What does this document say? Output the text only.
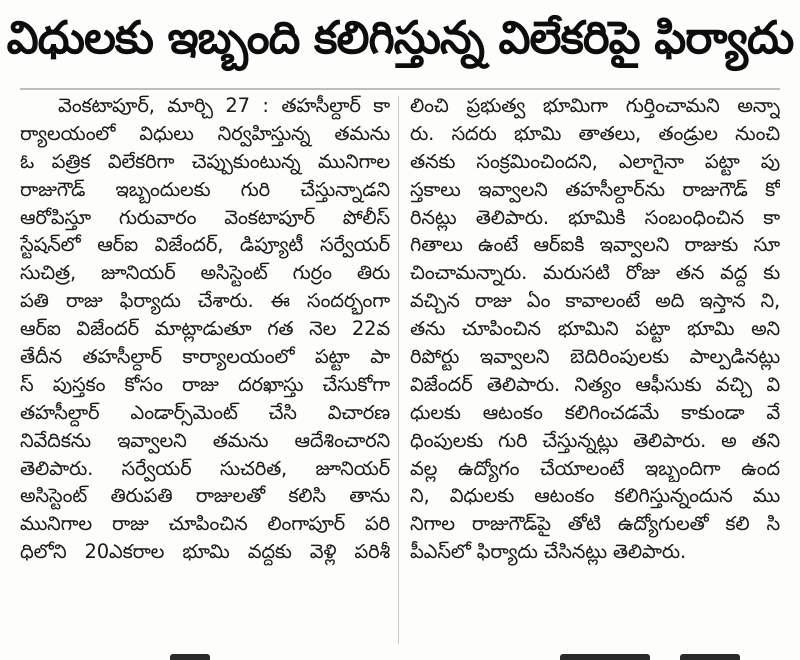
విధులకు ఇబ్బంది కలిగిస్తున్న విలేకరిపై ఫిర్యాదు
వెంకటాపూర్, మార్చి 27 : తహసీల్దార్ కా
ర్యాలయంలో విధులు నిర్వహిస్తున్న తమను
ఓ పత్రిక విలేకరిగా చెప్పుకుంటున్న మునిగాల
రాజుగౌడ్ ఇబ్బందులకు గురి చేస్తున్నాడని
ఆరోపిస్తూ గురువారం వెంకటాపూర్ పోలీస్
స్టేషన్‌లో ఆర్ఐ విజేందర్, డిప్యూటీ సర్వేయర్
సుచిత్ర, జూనియర్ అసిస్టెంట్ గుర్రం తిరు
పతి రాజు ఫిర్యాదు చేశారు. ఈ సందర్భంగా
ఆర్ఐ విజేందర్ మాట్లాడుతూ గత నెల 22వ
తేదీన తహసీల్దార్ కార్యాలయంలో పట్టా పా
స్ పుస్తకం కోసం రాజు దరఖాస్తు చేసుకోగా
తహసీల్దార్ ఎండార్స్‌మెంట్ చేసి విచారణ
నివేదికను ఇవ్వాలని తమను ఆదేశించారని
తెలిపారు. సర్వేయర్ సుచరిత, జూనియర్
అసిస్టెంట్ తిరుపతి రాజులతో కలిసి తాను
మునిగాల రాజు చూపించిన లింగాపూర్ పరి
ధిలోని 20ఎకరాల భూమి వద్దకు వెళ్లి పరిశీ
లించి ప్రభుత్వ భూమిగా గుర్తించామని అన్నా
రు. సదరు భూమి తాతలు, తండ్రుల నుంచి
తనకు సంక్రమించిందని, ఎలాగైనా పట్టా పు
స్తకాలు ఇవ్వాలని తహసీల్దార్‌ను రాజుగౌడ్ కో
రినట్లు తెలిపారు. భూమికి సంబంధించిన కా
గితాలు ఉంటే ఆర్ఐకి ఇవ్వాలని రాజుకు సూ
చించామన్నారు. మరుసటి రోజు తన వద్ద కు
వచ్చిన రాజు ఏం కావాలంటే అది ఇస్తాన ని,
తను చూపించిన భూమిని పట్టా భూమి అని
రిపోర్టు ఇవ్వాలని బెదిరింపులకు పాల్పడినట్లు
విజేందర్ తెలిపారు. నిత్యం ఆఫీసుకు వచ్చి వి
ధులకు ఆటంకం కలిగించడమే కాకుండా వే
ధింపులకు గురి చేస్తున్నట్లు తెలిపారు. అ తని
వల్ల ఉద్యోగం చేయాలంటే ఇబ్బందిగా ఉంద
ని, విధులకు ఆటంకం కలిగిస్తున్నందున ము
నిగాల రాజుగౌడ్‌పై తోటి ఉద్యోగులతో కలి సి
పీఎస్‌లో ఫిర్యాదు చేసినట్లు తెలిపారు.
